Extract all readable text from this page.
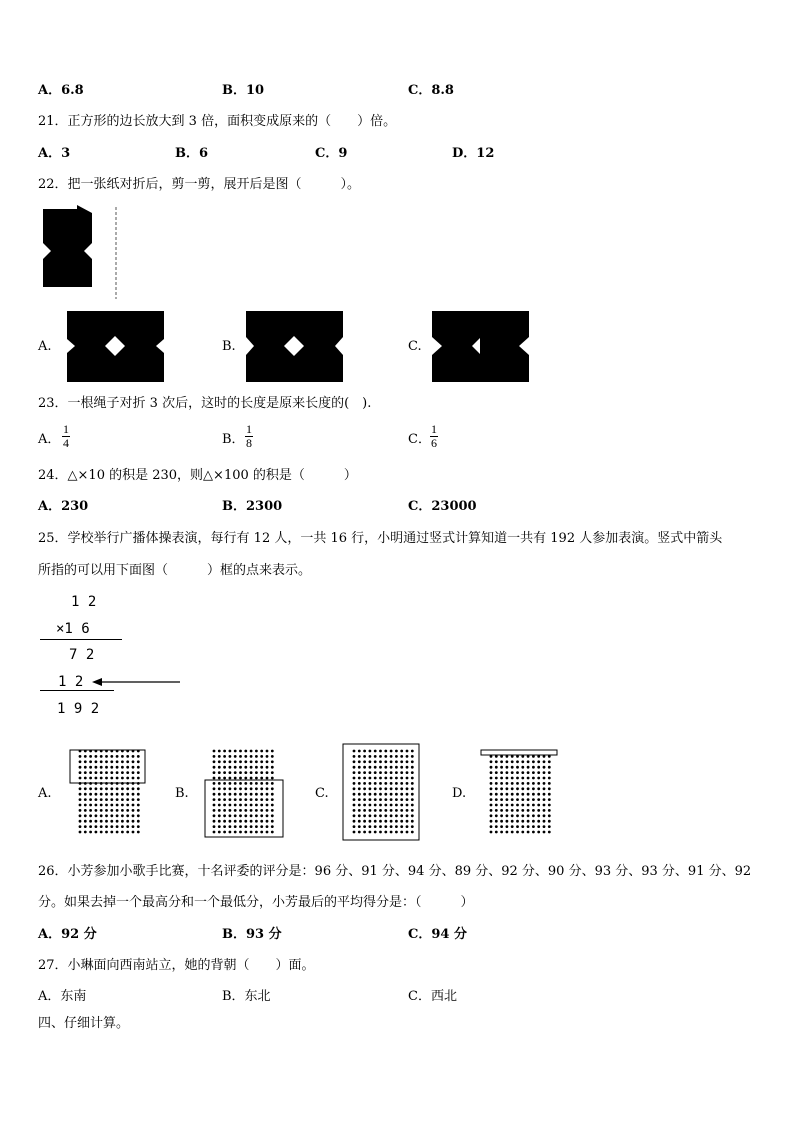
A．6.8	B．10	C．8.8
21．正方形的边长放大到 3 倍，面积变成原来的（　　）倍。
A．3	B．6	C．9	D．12
22．把一张纸对折后，剪一剪，展开后是图（　　　）。
A.	B.	C.
23．一根绳子对折 3 次后，这时的长度是原来长度的(　).
A．
1
4	B．
1
8	C．
1
6
24．△×10 的积是 230，则△×100 的积是（　　　）
A．230	B．2300	C．23000
25．学校举行广播体操表演，每行有 12 人，一共 16 行，小明通过竖式计算知道一共有 192 人参加表演。竖式中箭头
所指的可以用下面图（　　　）框的点来表示。
1 2
×1 6
7 2
1 2
1 9 2
A.	B.	C.	D.
26．小芳参加小歌手比赛，十名评委的评分是：96 分、91 分、94 分、89 分、92 分、90 分、93 分、93 分、91 分、92
分。如果去掉一个最高分和一个最低分，小芳最后的平均得分是：（　　　）
A．92 分	B．93 分	C．94 分
27．小琳面向西南站立，她的背朝（　　）面。
A．东南	B．东北	C．西北
四、仔细计算。
